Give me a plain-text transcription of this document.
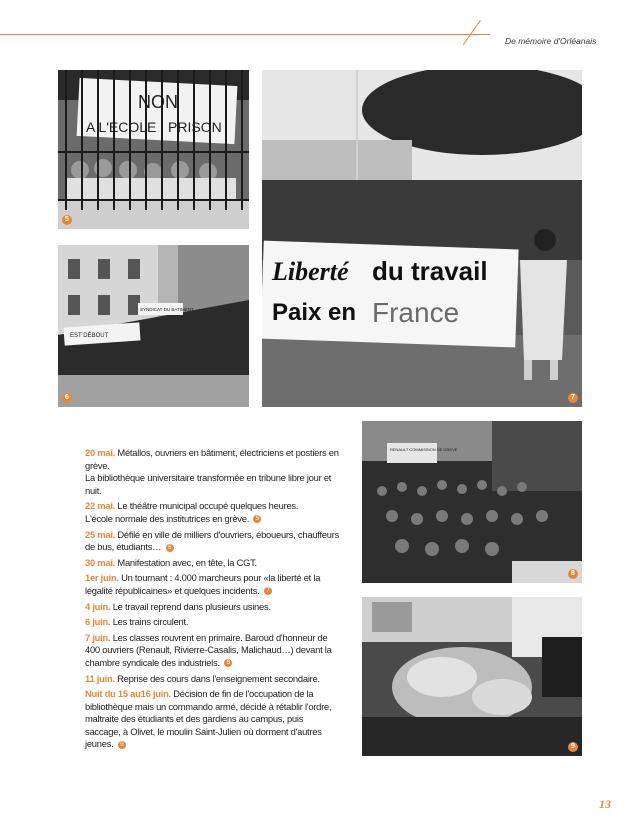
De mémoire d'Orléanais
NON
A L'ECOLE . PRISON
5
SYNDICAT DU BATIMENT
EST DÉBOUT
6
Liberté du travail
Paix en France
7
RENAULT COMMISSION DE GREVE
8
9
20 mai. Métallos, ouvriers en bâtiment, électriciens et postiers en grève.
La bibliothèque universitaire transformée en tribune libre jour et nuit.
22 mai. Le théâtre municipal occupé quelques heures.
L'école normale des institutrices en grève. 5
25 mai. Défilé en ville de milliers d'ouvriers, éboueurs, chauffeurs de bus, étudiants… 6
30 mai. Manifestation avec, en tête, la CGT.
1er juin. Un tournant : 4.000 marcheurs pour «la liberté et la légalité républicaines» et quelques incidents. 7
4 juin. Le travail reprend dans plusieurs usines.
6 juin. Les trains circulent.
7 juin. Les classes rouvrent en primaire. Baroud d'honneur de 400 ouvriers (Renault, Rivierre-Casalis, Malichaud…) devant la chambre syndicale des industriels. 8
11 juin. Reprise des cours dans l'enseignement secondaire.
Nuit du 15 au16 juin. Décision de fin de l'occupation de la bibliothèque mais un commando armé, décidé à rétablir l'ordre, maltraite des étudiants et des gardiens au campus, puis saccage, à Olivet, le moulin Saint-Julien où dorment d'autres jeunes. 9
13
